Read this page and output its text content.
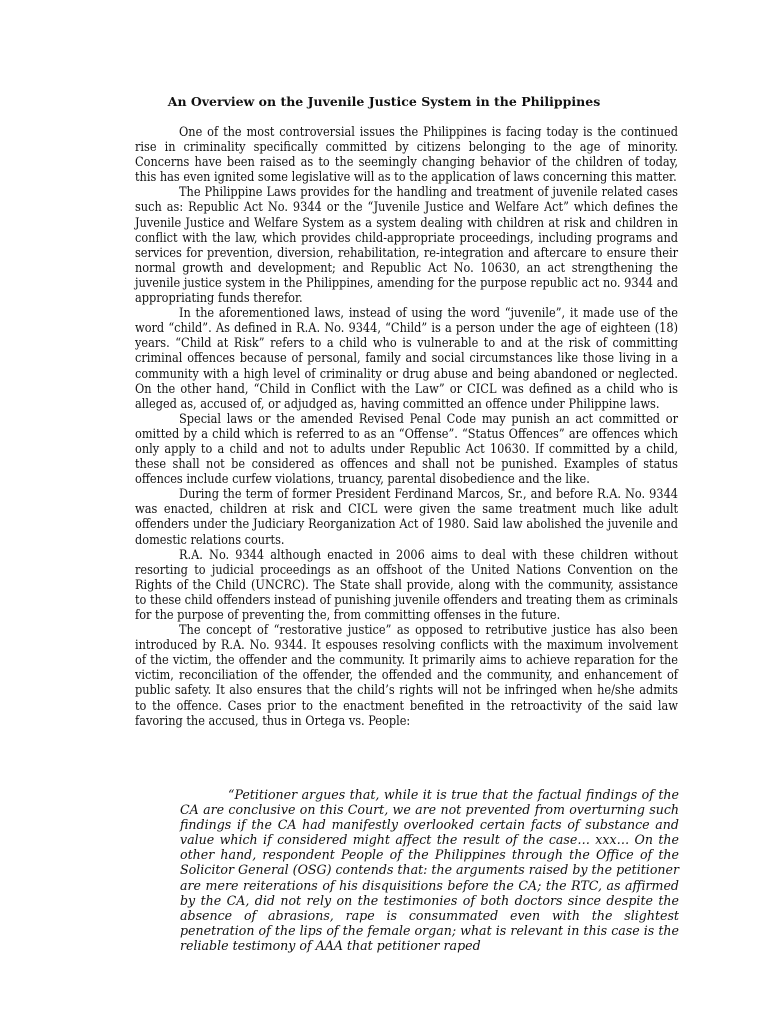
An Overview on the Juvenile Justice System in the Philippines

One of the most controversial issues the Philippines is facing today is the continued rise in criminality specifically committed by citizens belonging to the age of minority. Concerns have been raised as to the seemingly changing behavior of the children of today, this has even ignited some legislative will as to the application of laws concerning this matter.

The Philippine Laws provides for the handling and treatment of juvenile related cases such as: Republic Act No. 9344 or the “Juvenile Justice and Welfare Act” which defines the Juvenile Justice and Welfare System as a system dealing with children at risk and children in conflict with the law, which provides child-appropriate proceedings, including programs and services for prevention, diversion, rehabilitation, re-integration and aftercare to ensure their normal growth and development; and Republic Act No. 10630, an act strengthening the juvenile justice system in the Philippines, amending for the purpose republic act no. 9344 and appropriating funds therefor.

In the aforementioned laws, instead of using the word “juvenile”, it made use of the word “child”. As defined in R.A. No. 9344, “Child” is a person under the age of eighteen (18) years. “Child at Risk” refers to a child who is vulnerable to and at the risk of committing criminal offences because of personal, family and social circumstances like those living in a community with a high level of criminality or drug abuse and being abandoned or neglected. On the other hand, “Child in Conflict with the Law” or CICL was defined as a child who is alleged as, accused of, or adjudged as, having committed an offence under Philippine laws.

Special laws or the amended Revised Penal Code may punish an act committed or omitted by a child which is referred to as an “Offense”. “Status Offences” are offences which only apply to a child and not to adults under Republic Act 10630. If committed by a child, these shall not be considered as offences and shall not be punished. Examples of status offences include curfew violations, truancy, parental disobedience and the like.

During the term of former President Ferdinand Marcos, Sr., and before R.A. No. 9344 was enacted, children at risk and CICL were given the same treatment much like adult offenders under the Judiciary Reorganization Act of 1980. Said law abolished the juvenile and domestic relations courts.

R.A. No. 9344 although enacted in 2006 aims to deal with these children without resorting to judicial proceedings as an offshoot of the United Nations Convention on the Rights of the Child (UNCRC). The State shall provide, along with the community, assistance to these child offenders instead of punishing juvenile offenders and treating them as criminals for the purpose of preventing the, from committing offenses in the future.

The concept of “restorative justice” as opposed to retributive justice has also been introduced by R.A. No. 9344. It espouses resolving conflicts with the maximum involvement of the victim, the offender and the community. It primarily aims to achieve reparation for the victim, reconciliation of the offender, the offended and the community, and enhancement of public safety. It also ensures that the child’s rights will not be infringed when he/she admits to the offence. Cases prior to the enactment benefited in the retroactivity of the said law favoring the accused, thus in Ortega vs. People:

“Petitioner argues that, while it is true that the factual findings of the CA are conclusive on this Court, we are not prevented from overturning such findings if the CA had manifestly overlooked certain facts of substance and value which if considered might affect the result of the case… xxx… On the other hand, respondent People of the Philippines through the Office of the Solicitor General (OSG) contends that: the arguments raised by the petitioner are mere reiterations of his disquisitions before the CA; the RTC, as affirmed by the CA, did not rely on the testimonies of both doctors since despite the absence of abrasions, rape is consummated even with the slightest penetration of the lips of the female organ; what is relevant in this case is the reliable testimony of AAA that petitioner raped
